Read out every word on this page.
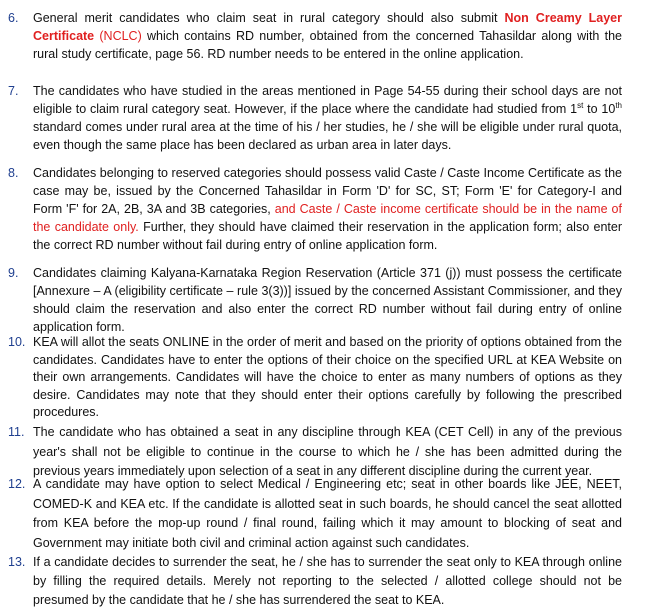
6. General merit candidates who claim seat in rural category should also submit Non Creamy Layer Certificate (NCLC) which contains RD number, obtained from the concerned Tahasildar along with the rural study certificate, page 56. RD number needs to be entered in the online application.
7. The candidates who have studied in the areas mentioned in Page 54-55 during their school days are not eligible to claim rural category seat. However, if the place where the candidate had studied from 1st to 10th standard comes under rural area at the time of his / her studies, he / she will be eligible under rural quota, even though the same place has been declared as urban area in later days.
8. Candidates belonging to reserved categories should possess valid Caste / Caste Income Certificate as the case may be, issued by the Concerned Tahasildar in Form 'D' for SC, ST; Form 'E' for Category-I and Form 'F' for 2A, 2B, 3A and 3B categories, and Caste / Caste income certificate should be in the name of the candidate only. Further, they should have claimed their reservation in the application form; also enter the correct RD number without fail during entry of online application form.
9. Candidates claiming Kalyana-Karnataka Region Reservation (Article 371 (j)) must possess the certificate [Annexure – A (eligibility certificate – rule 3(3))] issued by the concerned Assistant Commissioner, and they should claim the reservation and also enter the correct RD number without fail during entry of online application form.
10. KEA will allot the seats ONLINE in the order of merit and based on the priority of options obtained from the candidates. Candidates have to enter the options of their choice on the specified URL at KEA Website on their own arrangements. Candidates will have the choice to enter as many numbers of options as they desire. Candidates may note that they should enter their options carefully by following the prescribed procedures.
11. The candidate who has obtained a seat in any discipline through KEA (CET Cell) in any of the previous year's shall not be eligible to continue in the course to which he / she has been admitted during the previous years immediately upon selection of a seat in any different discipline during the current year.
12. A candidate may have option to select Medical / Engineering etc; seat in other boards like JEE, NEET, COMED-K and KEA etc. If the candidate is allotted seat in such boards, he should cancel the seat allotted from KEA before the mop-up round / final round, failing which it may amount to blocking of seat and Government may initiate both civil and criminal action against such candidates.
13. If a candidate decides to surrender the seat, he / she has to surrender the seat only to KEA through online by filling the required details. Merely not reporting to the selected / allotted college should not be presumed by the candidate that he / she has surrendered the seat to KEA.
